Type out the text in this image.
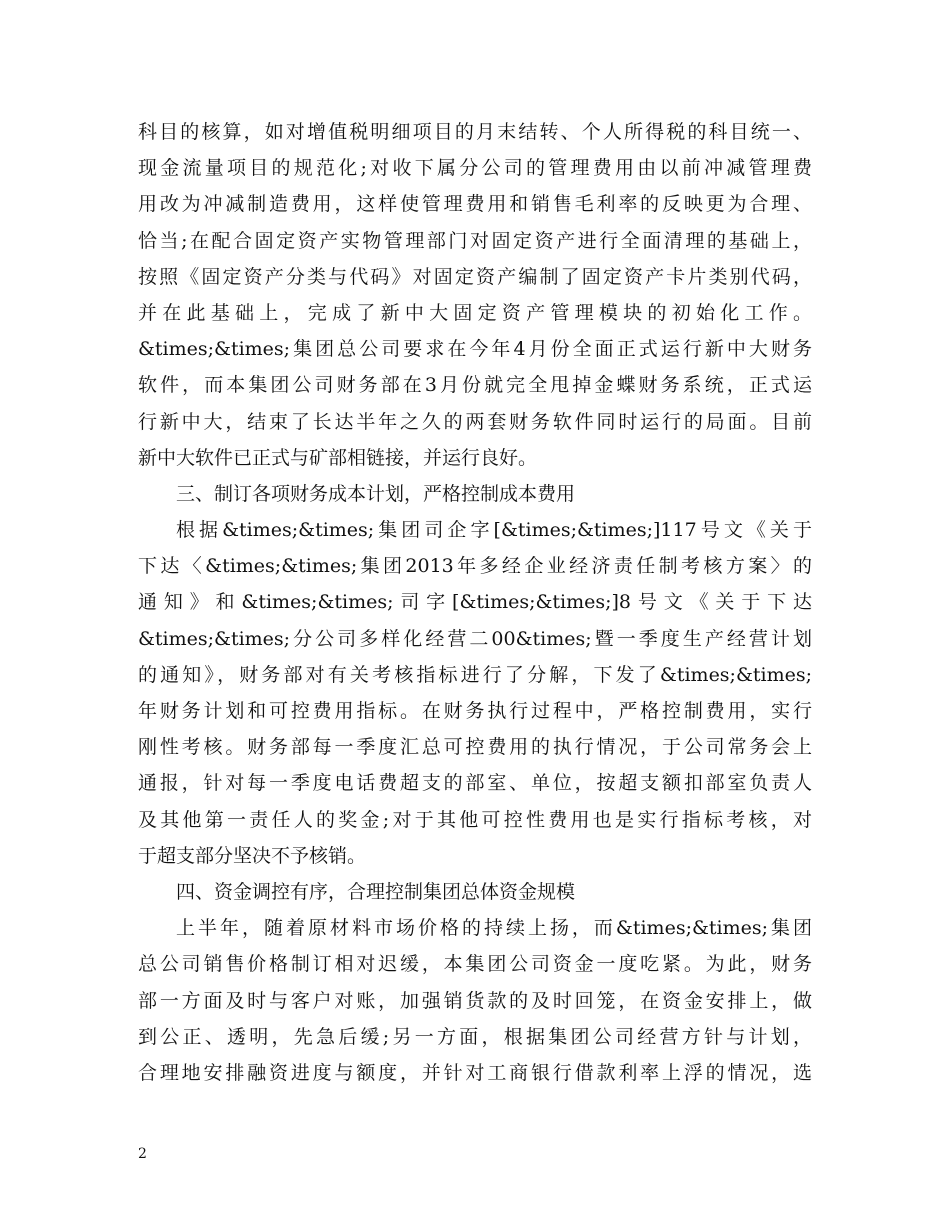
科目的核算，如对增值税明细项目的月末结转、个人所得税的科目统一、
现金流量项目的规范化;对收下属分公司的管理费用由以前冲减管理费
用改为冲减制造费用，这样使管理费用和销售毛利率的反映更为合理、
恰当;在配合固定资产实物管理部门对固定资产进行全面清理的基础上，
按照《固定资产分类与代码》对固定资产编制了固定资产卡片类别代码，
并在此基础上，完成了新中大固定资产管理模块的初始化工作。
&times;&times;集团总公司要求在今年4月份全面正式运行新中大财务
软件，而本集团公司财务部在3月份就完全甩掉金蝶财务系统，正式运
行新中大，结束了长达半年之久的两套财务软件同时运行的局面。目前
新中大软件已正式与矿部相链接，并运行良好。
三、制订各项财务成本计划，严格控制成本费用
根据&times;&times;集团司企字[&times;&times;]117号文《关于
下达〈&times;&times;集团2013年多经企业经济责任制考核方案〉的
通知》和&times;&times;司字[&times;&times;]8号文《关于下达
&times;&times;分公司多样化经营二00&times;暨一季度生产经营计划
的通知》，财务部对有关考核指标进行了分解，下发了&times;&times;
年财务计划和可控费用指标。在财务执行过程中，严格控制费用，实行
刚性考核。财务部每一季度汇总可控费用的执行情况，于公司常务会上
通报，针对每一季度电话费超支的部室、单位，按超支额扣部室负责人
及其他第一责任人的奖金;对于其他可控性费用也是实行指标考核，对
于超支部分坚决不予核销。
四、资金调控有序，合理控制集团总体资金规模
上半年，随着原材料市场价格的持续上扬，而&times;&times;集团
总公司销售价格制订相对迟缓，本集团公司资金一度吃紧。为此，财务
部一方面及时与客户对账，加强销货款的及时回笼，在资金安排上，做
到公正、透明，先急后缓;另一方面，根据集团公司经营方针与计划，
合理地安排融资进度与额度，并针对工商银行借款利率上浮的情况，选
2
